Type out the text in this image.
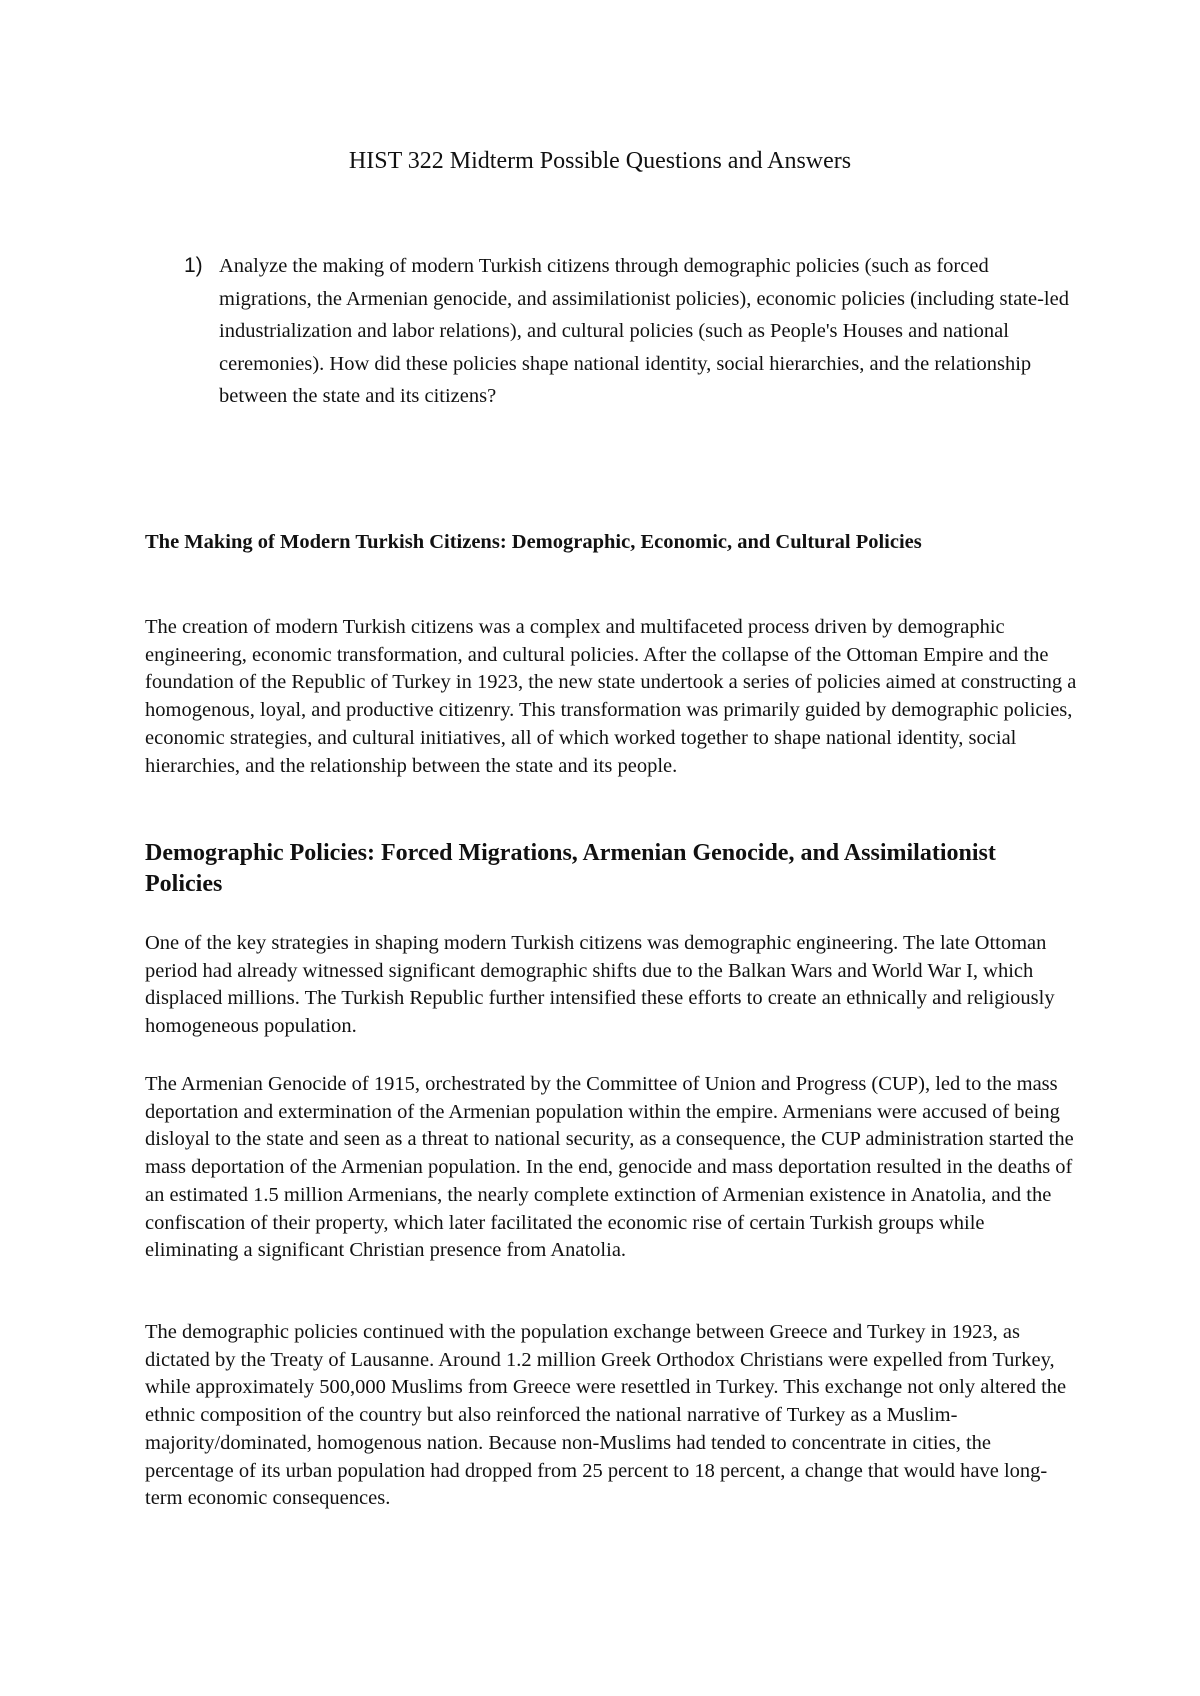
HIST 322 Midterm Possible Questions and Answers
1) Analyze the making of modern Turkish citizens through demographic policies (such as forced migrations, the Armenian genocide, and assimilationist policies), economic policies (including state-led industrialization and labor relations), and cultural policies (such as People's Houses and national ceremonies). How did these policies shape national identity, social hierarchies, and the relationship between the state and its citizens?

The Making of Modern Turkish Citizens: Demographic, Economic, and Cultural Policies

The creation of modern Turkish citizens was a complex and multifaceted process driven by demographic engineering, economic transformation, and cultural policies. After the collapse of the Ottoman Empire and the foundation of the Republic of Turkey in 1923, the new state undertook a series of policies aimed at constructing a homogenous, loyal, and productive citizenry. This transformation was primarily guided by demographic policies, economic strategies, and cultural initiatives, all of which worked together to shape national identity, social hierarchies, and the relationship between the state and its people.

Demographic Policies: Forced Migrations, Armenian Genocide, and Assimilationist Policies

One of the key strategies in shaping modern Turkish citizens was demographic engineering. The late Ottoman period had already witnessed significant demographic shifts due to the Balkan Wars and World War I, which displaced millions. The Turkish Republic further intensified these efforts to create an ethnically and religiously homogeneous population.

The Armenian Genocide of 1915, orchestrated by the Committee of Union and Progress (CUP), led to the mass deportation and extermination of the Armenian population within the empire. Armenians were accused of being disloyal to the state and seen as a threat to national security, as a consequence, the CUP administration started the mass deportation of the Armenian population. In the end, genocide and mass deportation resulted in the deaths of an estimated 1.5 million Armenians, the nearly complete extinction of Armenian existence in Anatolia, and the confiscation of their property, which later facilitated the economic rise of certain Turkish groups while eliminating a significant Christian presence from Anatolia.

The demographic policies continued with the population exchange between Greece and Turkey in 1923, as dictated by the Treaty of Lausanne. Around 1.2 million Greek Orthodox Christians were expelled from Turkey, while approximately 500,000 Muslims from Greece were resettled in Turkey. This exchange not only altered the ethnic composition of the country but also reinforced the national narrative of Turkey as a Muslim-majority/dominated, homogenous nation. Because non-Muslims had tended to concentrate in cities, the percentage of its urban population had dropped from 25 percent to 18 percent, a change that would have long-term economic consequences.
